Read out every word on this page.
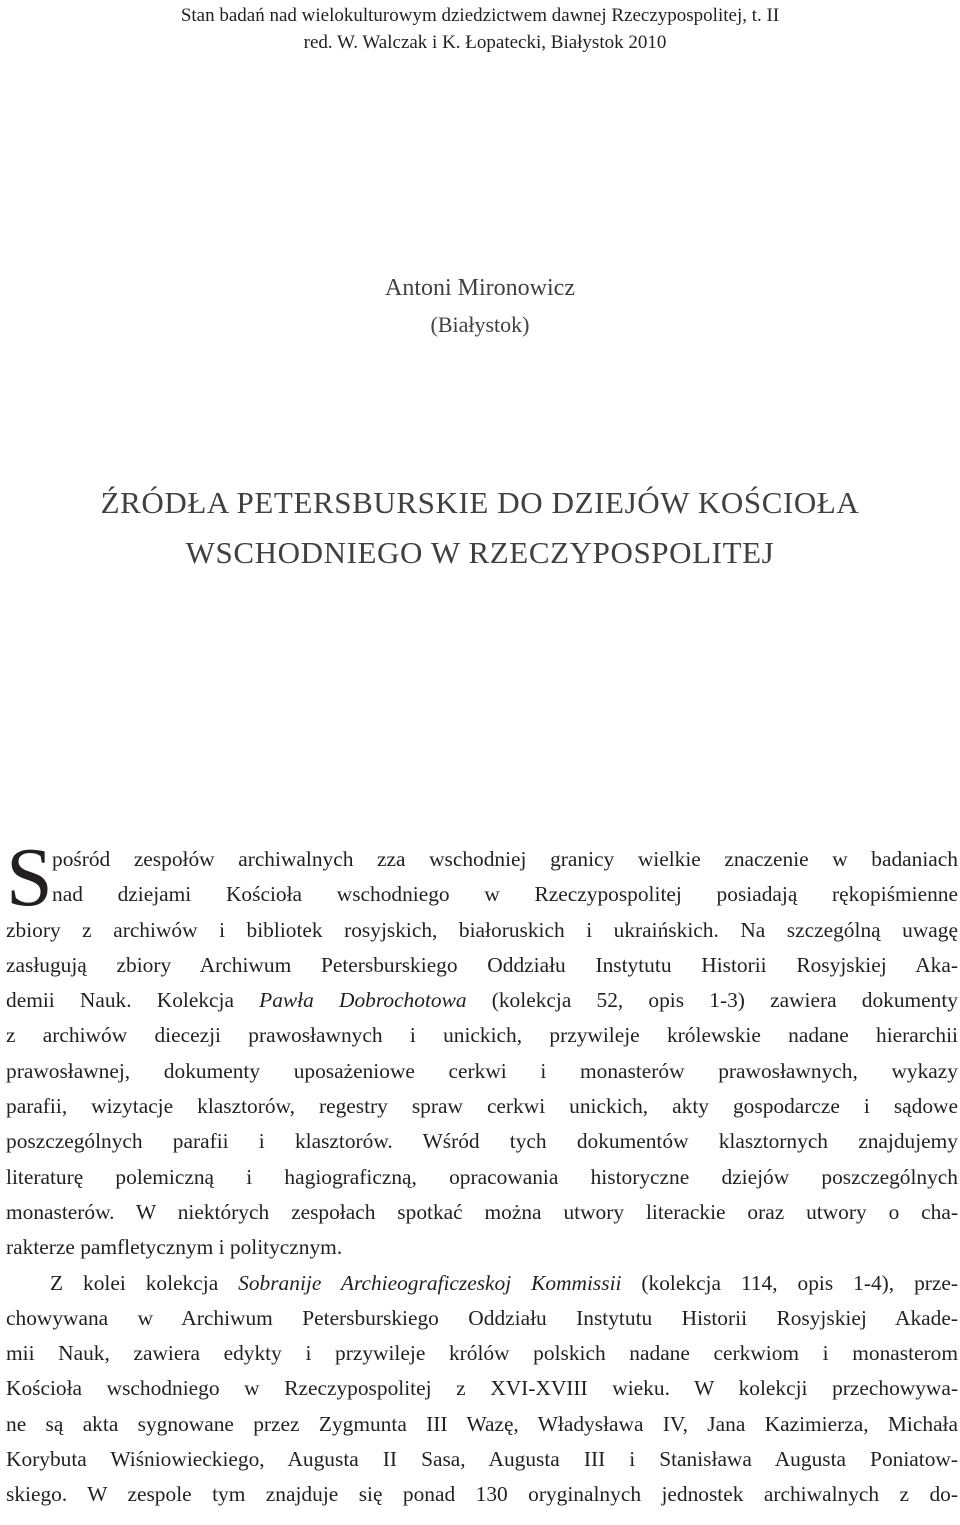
Stan badań nad wielokulturowym dziedzictwem dawnej Rzeczypospolitej, t. II
red. W. Walczak i K. Łopatecki, Białystok 2010
Antoni Mironowicz
(Białystok)
ŹRÓDŁA PETERSBURSKIE DO DZIEJÓW KOŚCIOŁA
WSCHODNIEGO W RZECZYPOSPOLITEJ
S pośród zespołów archiwalnych zza wschodniej granicy wielkie znaczenie w badaniach
nad dziejami Kościoła wschodniego w Rzeczypospolitej posiadają rękopiśmienne
zbiory z archiwów i bibliotek rosyjskich, białoruskich i ukraińskich. Na szczególną uwagę
zasługują zbiory Archiwum Petersburskiego Oddziału Instytutu Historii Rosyjskiej Aka-
demii Nauk. Kolekcja Pawła Dobrochotowa (kolekcja 52, opis 1-3) zawiera dokumenty
z archiwów diecezji prawosławnych i unickich, przywileje królewskie nadane hierarchii
prawosławnej, dokumenty uposażeniowe cerkwi i monasterów prawosławnych, wykazy
parafii, wizytacje klasztorów, regestry spraw cerkwi unickich, akty gospodarcze i sądowe
poszczególnych parafii i klasztorów. Wśród tych dokumentów klasztornych znajdujemy
literaturę polemiczną i hagiograficzną, opracowania historyczne dziejów poszczególnych
monasterów. W niektórych zespołach spotkać można utwory literackie oraz utwory o cha-
rakterze pamfletycznym i politycznym.
Z kolei kolekcja Sobranije Archieograficzeskoj Kommissii (kolekcja 114, opis 1-4), prze-
chowywana w Archiwum Petersburskiego Oddziału Instytutu Historii Rosyjskiej Akade-
mii Nauk, zawiera edykty i przywileje królów polskich nadane cerkwiom i monasterom
Kościoła wschodniego w Rzeczypospolitej z XVI-XVIII wieku. W kolekcji przechowywa-
ne są akta sygnowane przez Zygmunta III Wazę, Władysława IV, Jana Kazimierza, Michała
Korybuta Wiśniowieckiego, Augusta II Sasa, Augusta III i Stanisława Augusta Poniatow-
skiego. W zespole tym znajduje się ponad 130 oryginalnych jednostek archiwalnych z do-
